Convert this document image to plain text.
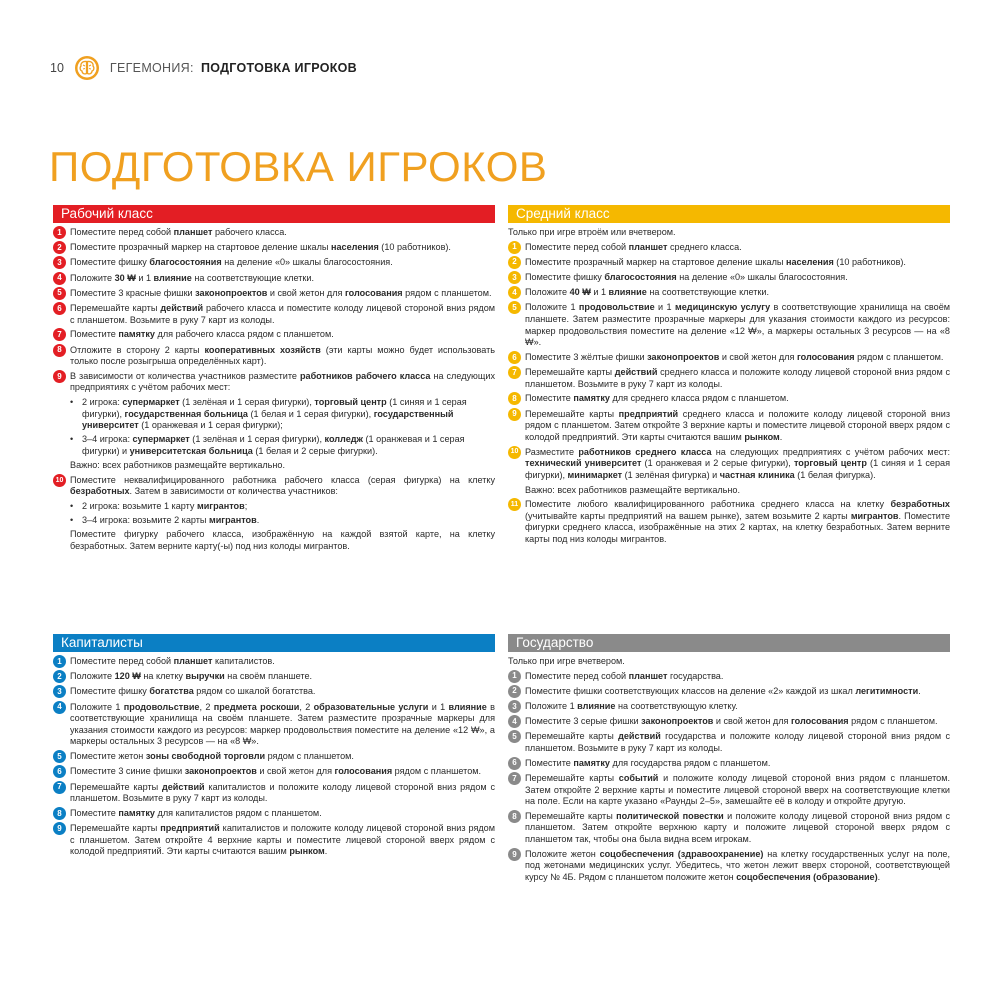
10	ГЕГЕМОНИЯ : ПОДГОТОВКА ИГРОКОВ
ПОДГОТОВКА ИГРОКОВ
Рабочий класс
1 Поместите перед собой планшет рабочего класса.
2 Поместите прозрачный маркер на стартовое деление шкалы населения (10 работников).
3 Поместите фишку благосостояния на деление «0» шкалы благосостояния.
4 Положите 30 ₩ и 1 влияние на соответствующие клетки.
5 Поместите 3 красные фишки законопроектов и свой жетон для голосования рядом с планшетом.
6 Перемешайте карты действий рабочего класса и поместите колоду лицевой стороной вниз рядом с планшетом. Возьмите в руку 7 карт из колоды.
7 Поместите памятку для рабочего класса рядом с планшетом.
8 Отложите в сторону 2 карты кооперативных хозяйств (эти карты можно будет использовать только после розыгрыша определённых карт).
9 В зависимости от количества участников разместите работников рабочего класса на следующих предприятиях с учётом рабочих мест:
• 2 игрока: супермаркет (1 зелёная и 1 серая фигурки), торговый центр (1 синяя и 1 серая фигурки), государственная больница (1 белая и 1 серая фигурки), государственный университет (1 оранжевая и 1 серая фигурки);
• 3–4 игрока: супермаркет (1 зелёная и 1 серая фигурки), колледж (1 оранжевая и 1 серая фигурки) и университетская больница (1 белая и 2 серые фигурки).
Важно: всех работников размещайте вертикально.
10 Поместите неквалифицированного работника рабочего класса (серая фигурка) на клетку безработных. Затем в зависимости от количества участников:
• 2 игрока: возьмите 1 карту мигрантов;
• 3–4 игрока: возьмите 2 карты мигрантов.
Поместите фигурку рабочего класса, изображённую на каждой взятой карте, на клетку безработных. Затем верните карту(-ы) под низ колоды мигрантов.
Средний класс
Только при игре втроём или вчетвером.
1 Поместите перед собой планшет среднего класса.
2 Поместите прозрачный маркер на стартовое деление шкалы населения (10 работников).
3 Поместите фишку благосостояния на деление «0» шкалы благосостояния.
4 Положите 40 ₩ и 1 влияние на соответствующие клетки.
5 Положите 1 продовольствие и 1 медицинскую услугу в соответствующие хранилища на своём планшете. Затем разместите прозрачные маркеры для указания стоимости каждого из ресурсов: маркер продовольствия поместите на деление «12 ₩», а маркеры остальных 3 ресурсов — на «8 ₩».
6 Поместите 3 жёлтые фишки законопроектов и свой жетон для голосования рядом с планшетом.
7 Перемешайте карты действий среднего класса и положите колоду лицевой стороной вниз рядом с планшетом. Возьмите в руку 7 карт из колоды.
8 Поместите памятку для среднего класса рядом с планшетом.
9 Перемешайте карты предприятий среднего класса и положите колоду лицевой стороной вниз рядом с планшетом. Затем откройте 3 верхние карты и поместите лицевой стороной вверх рядом с колодой предприятий. Эти карты считаются вашим рынком.
10 Разместите работников среднего класса на следующих предприятиях с учётом рабочих мест: технический университет (1 оранжевая и 2 серые фигурки), торговый центр (1 синяя и 1 серая фигурки), минимаркет (1 зелёная фигурка) и частная клиника (1 белая фигурка).
Важно: всех работников размещайте вертикально.
11 Поместите любого квалифицированного работника среднего класса на клетку безработных (учитывайте карты предприятий на вашем рынке), затем возьмите 2 карты мигрантов. Поместите фигурки среднего класса, изображённые на этих 2 картах, на клетку безработных. Затем верните карты под низ колоды мигрантов.
Капиталисты
1 Поместите перед собой планшет капиталистов.
2 Положите 120 ₩ на клетку выручки на своём планшете.
3 Поместите фишку богатства рядом со шкалой богатства.
4 Положите 1 продовольствие, 2 предмета роскоши, 2 образовательные услуги и 1 влияние в соответствующие хранилища на своём планшете. Затем разместите прозрачные маркеры для указания стоимости каждого из ресурсов: маркер продовольствия поместите на деление «12 ₩», а маркеры остальных 3 ресурсов — на «8 ₩».
5 Поместите жетон зоны свободной торговли рядом с планшетом.
6 Поместите 3 синие фишки законопроектов и свой жетон для голосования рядом с планшетом.
7 Перемешайте карты действий капиталистов и положите колоду лицевой стороной вниз рядом с планшетом. Возьмите в руку 7 карт из колоды.
8 Поместите памятку для капиталистов рядом с планшетом.
9 Перемешайте карты предприятий капиталистов и положите колоду лицевой стороной вниз рядом с планшетом. Затем откройте 4 верхние карты и поместите лицевой стороной вверх рядом с колодой предприятий. Эти карты считаются вашим рынком.
Государство
Только при игре вчетвером.
1 Поместите перед собой планшет государства.
2 Поместите фишки соответствующих классов на деление «2» каждой из шкал легитимности.
3 Положите 1 влияние на соответствующую клетку.
4 Поместите 3 серые фишки законопроектов и свой жетон для голосования рядом с планшетом.
5 Перемешайте карты действий государства и положите колоду лицевой стороной вниз рядом с планшетом. Возьмите в руку 7 карт из колоды.
6 Поместите памятку для государства рядом с планшетом.
7 Перемешайте карты событий и положите колоду лицевой стороной вниз рядом с планшетом. Затем откройте 2 верхние карты и поместите лицевой стороной вверх на соответствующие клетки на поле. Если на карте указано «Раунды 2–5», замешайте её в колоду и откройте другую.
8 Перемешайте карты политической повестки и положите колоду лицевой стороной вниз рядом с планшетом. Затем откройте верхнюю карту и положите лицевой стороной вверх рядом с планшетом так, чтобы она была видна всем игрокам.
9 Положите жетон соцобеспечения (здравоохранение) на клетку государственных услуг на поле, под жетонами медицинских услуг. Убедитесь, что жетон лежит вверх стороной, соответствующей курсу № 4Б. Рядом с планшетом положите жетон соцобеспечения (образование).
